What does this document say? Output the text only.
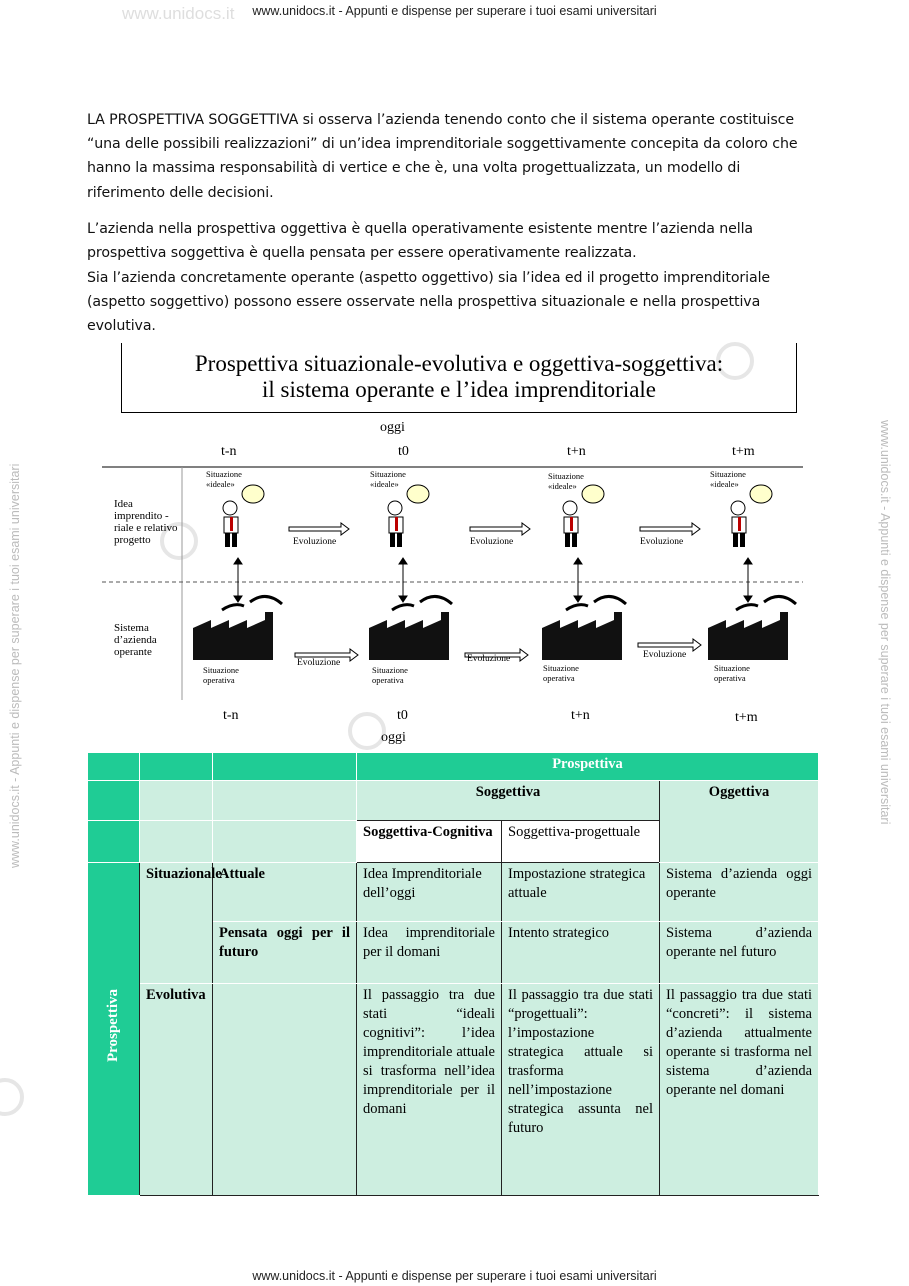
www.unidocs.it	www.unidocs.it - Appunti e dispense per superare i tuoi esami universitari
www.unidocs.it - Appunti e dispense per superare i tuoi esami universitari
www.unidocs.it - Appunti e dispense per superare i tuoi esami universitari
www.unidocs.it - Appunti e dispense per superare i tuoi esami universitari

LA PROSPETTIVA SOGGETTIVA si osserva l’azienda tenendo conto che il sistema operante costituisce “una delle possibili realizzazioni” di un’idea imprenditoriale soggettivamente concepita da coloro che hanno la massima responsabilità di vertice e che è, una volta progettualizzata, un modello di riferimento delle decisioni.

L’azienda nella prospettiva oggettiva è quella operativamente esistente mentre l’azienda nella prospettiva soggettiva è quella pensata per essere operativamente realizzata.

Sia l’azienda concretamente operante (aspetto oggettivo) sia l’idea ed il progetto imprenditoriale (aspetto soggettivo) possono essere osservate nella prospettiva situazionale e nella prospettiva evolutiva.

Prospettiva situazionale-evolutiva e oggettiva-soggettiva:
il sistema operante e l’idea imprenditoriale
oggi
t-n	t0	t+n	t+m
Idea imprendito -riale e relativo progetto
Sistema d’azienda operante
Situazione «ideale»
Situazione «ideale»
Situazione «ideale»
Situazione «ideale»
Evoluzione	Evoluzione	Evoluzione
Evoluzione	Evoluzione	Evoluzione
Situazione operativa
Situazione operativa
Situazione operativa
Situazione operativa
t-n	t0	t+n	t+m
oggi
			Prospettiva		
			Soggettiva		Oggettiva
			Soggettiva-Cognitiva	Soggettiva-progettuale	
Prospettiva	Situazionale	Attuale	Idea Imprenditoriale dell’oggi	Impostazione strategica attuale	Sistema d’azienda oggi operante
		Pensata oggi per il futuro	Idea imprenditoriale per il domani	Intento strategico	Sistema d’azienda operante nel futuro
	Evolutiva		Il passaggio tra due stati “ideali cognitivi”: l’idea imprenditoriale attuale si trasforma nell’idea imprenditoriale per il domani	Il passaggio tra due stati “progettuali”: l’impostazione strategica attuale si trasforma nell’impostazione strategica assunta nel futuro	Il passaggio tra due stati “concreti”: il sistema d’azienda attualmente operante si trasforma nel sistema d’azienda operante nel domani
